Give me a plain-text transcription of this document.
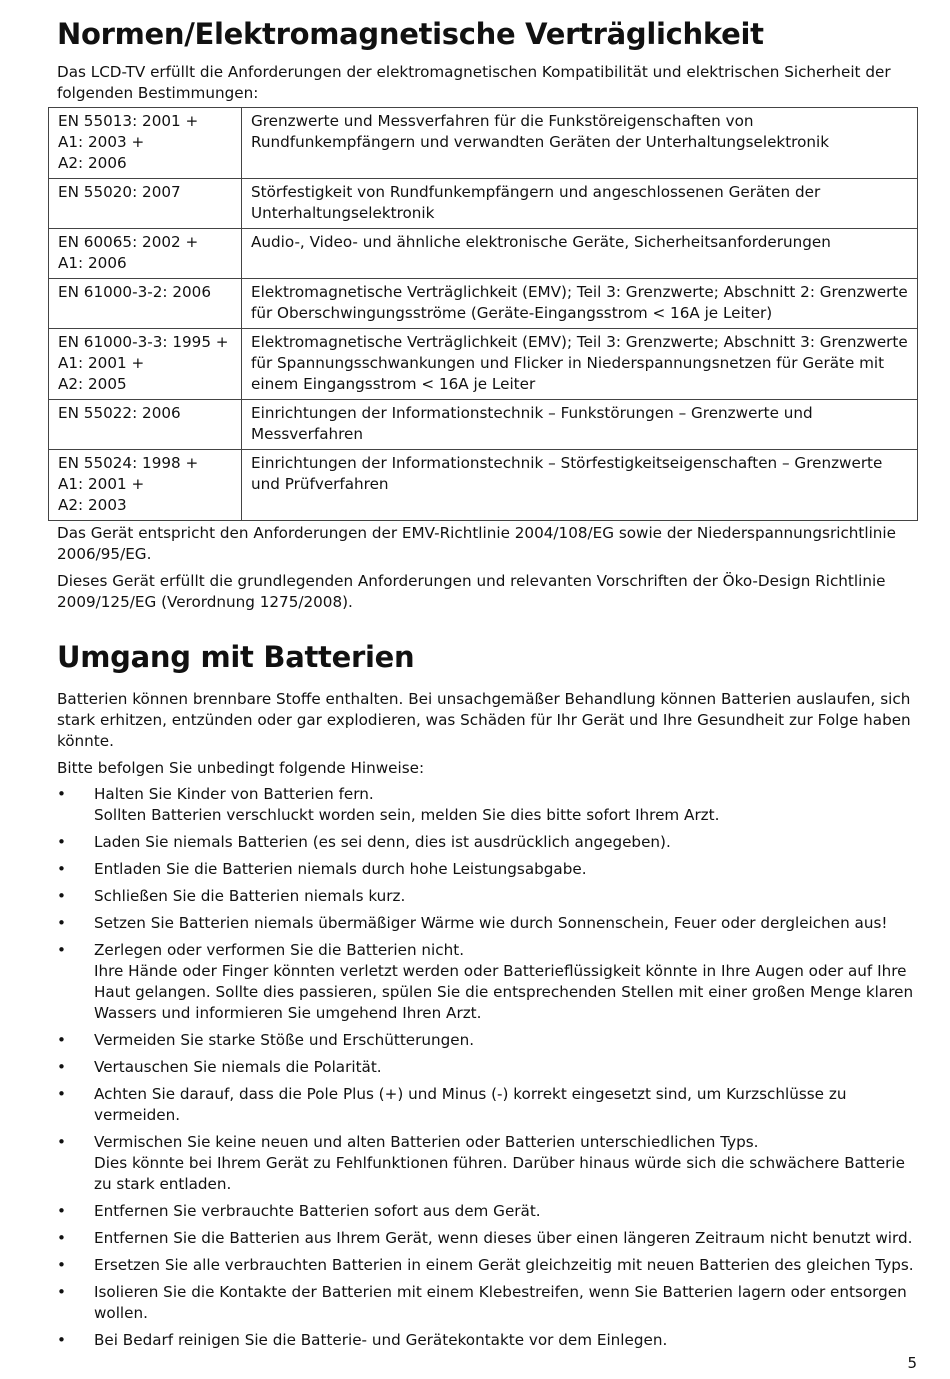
Normen/Elektromagnetische Verträglichkeit

Das LCD-TV erfüllt die Anforderungen der elektromagnetischen Kompatibilität und elektrischen Sicherheit der folgenden Bestimmungen:

EN 55013: 2001 +
A1: 2003 +
A2: 2006	Grenzwerte und Messverfahren für die Funkstöreigenschaften von Rundfunkempfängern und verwandten Geräten der Unterhaltungselektronik
EN 55020: 2007	Störfestigkeit von Rundfunkempfängern und angeschlossenen Geräten der Unterhaltungselektronik
EN 60065: 2002 +
A1: 2006	Audio-, Video- und ähnliche elektronische Geräte, Sicherheitsanforderungen
EN 61000-3-2: 2006	Elektromagnetische Verträglichkeit (EMV); Teil 3: Grenzwerte; Abschnitt 2: Grenzwerte für Oberschwingungsströme (Geräte-Eingangsstrom < 16A je Leiter)
EN 61000-3-3: 1995 +
A1: 2001 +
A2: 2005	Elektromagnetische Verträglichkeit (EMV); Teil 3: Grenzwerte; Abschnitt 3: Grenzwerte für Spannungsschwankungen und Flicker in Niederspannungsnetzen für Geräte mit einem Eingangsstrom < 16A je Leiter
EN 55022: 2006	Einrichtungen der Informationstechnik – Funkstörungen – Grenzwerte und Messverfahren
EN 55024: 1998 +
A1: 2001 +
A2: 2003	Einrichtungen der Informationstechnik – Störfestigkeitseigenschaften – Grenzwerte und Prüfverfahren

Das Gerät entspricht den Anforderungen der EMV-Richtlinie 2004/108/EG sowie der Niederspannungsrichtlinie 2006/95/EG.

Dieses Gerät erfüllt die grundlegenden Anforderungen und relevanten Vorschriften der Öko-Design Richtlinie 2009/125/EG (Verordnung 1275/2008).

Umgang mit Batterien

Batterien können brennbare Stoffe enthalten. Bei unsachgemäßer Behandlung können Batterien auslaufen, sich stark erhitzen, entzünden oder gar explodieren, was Schäden für Ihr Gerät und Ihre Gesundheit zur Folge haben könnte.

Bitte befolgen Sie unbedingt folgende Hinweise:

• Halten Sie Kinder von Batterien fern.
Sollten Batterien verschluckt worden sein, melden Sie dies bitte sofort Ihrem Arzt.
• Laden Sie niemals Batterien (es sei denn, dies ist ausdrücklich angegeben).
• Entladen Sie die Batterien niemals durch hohe Leistungsabgabe.
• Schließen Sie die Batterien niemals kurz.
• Setzen Sie Batterien niemals übermäßiger Wärme wie durch Sonnenschein, Feuer oder dergleichen aus!
• Zerlegen oder verformen Sie die Batterien nicht.
Ihre Hände oder Finger könnten verletzt werden oder Batterieflüssigkeit könnte in Ihre Augen oder auf Ihre Haut gelangen. Sollte dies passieren, spülen Sie die entsprechenden Stellen mit einer großen Menge klaren Wassers und informieren Sie umgehend Ihren Arzt.
• Vermeiden Sie starke Stöße und Erschütterungen.
• Vertauschen Sie niemals die Polarität.
• Achten Sie darauf, dass die Pole Plus (+) und Minus (-) korrekt eingesetzt sind, um Kurzschlüsse zu vermeiden.
• Vermischen Sie keine neuen und alten Batterien oder Batterien unterschiedlichen Typs.
Dies könnte bei Ihrem Gerät zu Fehlfunktionen führen. Darüber hinaus würde sich die schwächere Batterie zu stark entladen.
• Entfernen Sie verbrauchte Batterien sofort aus dem Gerät.
• Entfernen Sie die Batterien aus Ihrem Gerät, wenn dieses über einen längeren Zeitraum nicht benutzt wird.
• Ersetzen Sie alle verbrauchten Batterien in einem Gerät gleichzeitig mit neuen Batterien des gleichen Typs.
• Isolieren Sie die Kontakte der Batterien mit einem Klebestreifen, wenn Sie Batterien lagern oder entsorgen wollen.
• Bei Bedarf reinigen Sie die Batterie- und Gerätekontakte vor dem Einlegen.
5
